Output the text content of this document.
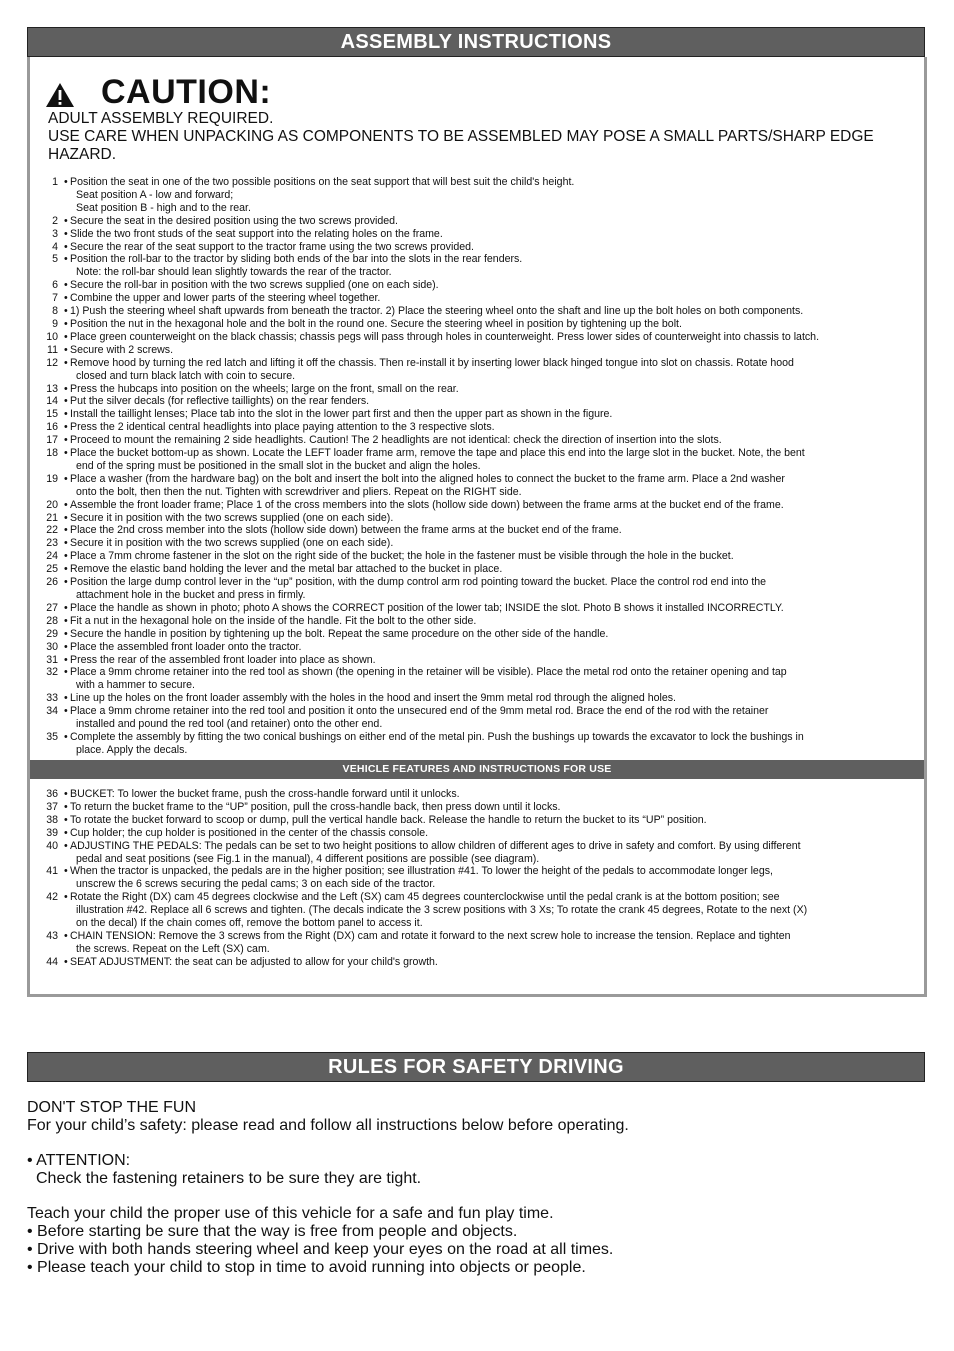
ASSEMBLY INSTRUCTIONS
CAUTION:
ADULT ASSEMBLY REQUIRED.
USE CARE WHEN UNPACKING AS COMPONENTS TO BE ASSEMBLED MAY POSE A SMALL PARTS/SHARP EDGE
HAZARD.
1 • Position the seat in one of the two possible positions on the seat support that will best suit the child's height.
Seat position A - low and forward;
Seat position B - high and to the rear.
2 • Secure the seat in the desired position using the two screws provided.
3 • Slide the two front studs of the seat support into the relating holes on the frame.
4 • Secure the rear of the seat support to the tractor frame using the two screws provided.
5 • Position the roll-bar to the tractor by sliding both ends of the bar into the slots in the rear fenders.
Note: the roll-bar should lean slightly towards the rear of the tractor.
6 • Secure the roll-bar in position with the two screws supplied (one on each side).
7 • Combine the upper and lower parts of the steering wheel together.
8 • 1) Push the steering wheel shaft upwards from beneath the tractor. 2) Place the steering wheel onto the shaft and line up the bolt holes on both components.
9 • Position the nut in the hexagonal hole and the bolt in the round one. Secure the steering wheel in position by tightening up the bolt.
10 • Place green counterweight on the black chassis; chassis pegs will pass through holes in counterweight. Press lower sides of counterweight into chassis to latch.
11 • Secure with 2 screws.
12 • Remove hood by turning the red latch and lifting it off the chassis. Then re-install it by inserting lower black hinged tongue into slot on chassis. Rotate hood
closed and turn black latch with coin to secure.
13 • Press the hubcaps into position on the wheels; large on the front, small on the rear.
14 • Put the silver decals (for reflective taillights) on the rear fenders.
15 • Install the taillight lenses; Place tab into the slot in the lower part first and then the upper part as shown in the figure.
16 • Press the 2 identical central headlights into place paying attention to the 3 respective slots.
17 • Proceed to mount the remaining 2 side headlights. Caution! The 2 headlights are not identical: check the direction of insertion into the slots.
18 • Place the bucket bottom-up as shown. Locate the LEFT loader frame arm, remove the tape and place this end into the large slot in the bucket. Note, the bent
end of the spring must be positioned in the small slot in the bucket and align the holes.
19 • Place a washer (from the hardware bag) on the bolt and insert the bolt into the aligned holes to connect the bucket to the frame arm. Place a 2nd washer
onto the bolt, then then the nut. Tighten with screwdriver and pliers. Repeat on the RIGHT side.
20 • Assemble the front loader frame; Place 1 of the cross members into the slots (hollow side down) between the frame arms at the bucket end of the frame.
21 • Secure it in position with the two screws supplied (one on each side).
22 • Place the 2nd cross member into the slots (hollow side down) between the frame arms at the bucket end of the frame.
23 • Secure it in position with the two screws supplied (one on each side).
24 • Place a 7mm chrome fastener in the slot on the right side of the bucket; the hole in the fastener must be visible through the hole in the bucket.
25 • Remove the elastic band holding the lever and the metal bar attached to the bucket in place.
26 • Position the large dump control lever in the “up” position, with the dump control arm rod pointing toward the bucket. Place the control rod end into the
attachment hole in the bucket and press in firmly.
27 • Place the handle as shown in photo; photo A shows the CORRECT position of the lower tab; INSIDE the slot. Photo B shows it installed INCORRECTLY.
28 • Fit a nut in the hexagonal hole on the inside of the handle. Fit the bolt to the other side.
29 • Secure the handle in position by tightening up the bolt. Repeat the same procedure on the other side of the handle.
30 • Place the assembled front loader onto the tractor.
31 • Press the rear of the assembled front loader into place as shown.
32 • Place a 9mm chrome retainer into the red tool as shown (the opening in the retainer will be visible). Place the metal rod onto the retainer opening and tap
with a hammer to secure.
33 • Line up the holes on the front loader assembly with the holes in the hood and insert the 9mm metal rod through the aligned holes.
34 • Place a 9mm chrome retainer into the red tool and position it onto the unsecured end of the 9mm metal rod. Brace the end of the rod with the retainer
installed and pound the red tool (and retainer) onto the other end.
35 • Complete the assembly by fitting the two conical bushings on either end of the metal pin. Push the bushings up towards the excavator to lock the bushings in
place. Apply the decals.
VEHICLE FEATURES AND INSTRUCTIONS FOR USE
36 • BUCKET: To lower the bucket frame, push the cross-handle forward until it unlocks.
37 • To return the bucket frame to the “UP” position, pull the cross-handle back, then press down until it locks.
38 • To rotate the bucket forward to scoop or dump, pull the vertical handle back. Release the handle to return the bucket to its “UP” position.
39 • Cup holder; the cup holder is positioned in the center of the chassis console.
40 • ADJUSTING THE PEDALS: The pedals can be set to two height positions to allow children of different ages to drive in safety and comfort. By using different
pedal and seat positions (see Fig.1 in the manual), 4 different positions are possible (see diagram).
41 • When the tractor is unpacked, the pedals are in the higher position; see illustration #41. To lower the height of the pedals to accommodate longer legs,
unscrew the 6 screws securing the pedal cams; 3 on each side of the tractor.
42 • Rotate the Right (DX) cam 45 degrees clockwise and the Left (SX) cam 45 degrees counterclockwise until the pedal crank is at the bottom position; see
illustration #42. Replace all 6 screws and tighten. (The decals indicate the 3 screw positions with 3 Xs; To rotate the crank 45 degrees, Rotate to the next (X)
on the decal) If the chain comes off, remove the bottom panel to access it.
43 • CHAIN TENSION: Remove the 3 screws from the Right (DX) cam and rotate it forward to the next screw hole to increase the tension. Replace and tighten
the screws. Repeat on the Left (SX) cam.
44 • SEAT ADJUSTMENT: the seat can be adjusted to allow for your child's growth.
RULES FOR SAFETY DRIVING
DON'T STOP THE FUN
For your child’s safety: please read and follow all instructions below before operating.
• ATTENTION:
Check the fastening retainers to be sure they are tight.
Teach your child the proper use of this vehicle for a safe and fun play time.
• Before starting be sure that the way is free from people and objects.
• Drive with both hands steering wheel and keep your eyes on the road at all times.
• Please teach your child to stop in time to avoid running into objects or people.
